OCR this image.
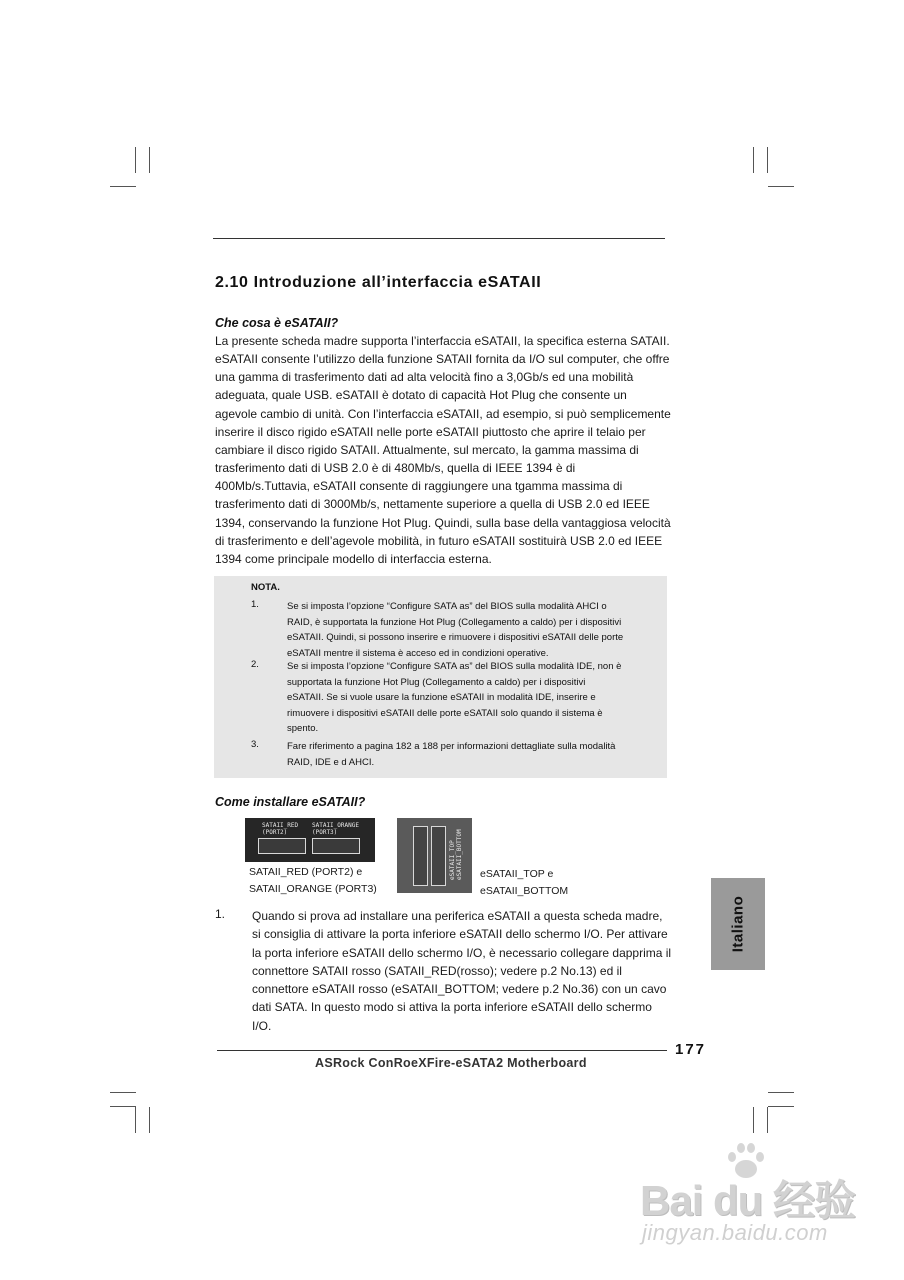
2.10 Introduzione all’interfaccia eSATAII
Che cosa è eSATAII?

La presente scheda madre supporta l’interfaccia eSATAII, la specifica esterna SATAII. eSATAII consente l’utilizzo della funzione SATAII fornita da I/O sul computer, che offre una gamma di trasferimento dati ad alta velocità fino a 3,0Gb/s ed una mobilità adeguata, quale USB. eSATAII è dotato di capacità Hot Plug che consente un agevole cambio di unità. Con l’interfaccia eSATAII, ad esempio, si può semplicemente inserire il disco rigido eSATAII nelle porte eSATAII piuttosto che aprire il telaio per cambiare il disco rigido SATAII. Attualmente, sul mercato, la gamma massima di trasferimento dati di USB 2.0 è di 480Mb/s, quella di IEEE 1394 è di 400Mb/s.Tuttavia, eSATAII consente di raggiungere una tgamma massima di trasferimento dati di 3000Mb/s, nettamente superiore a quella di USB 2.0 ed IEEE 1394, conservando la funzione Hot Plug. Quindi, sulla base della vantaggiosa velocità di trasferimento e dell’agevole mobilità, in futuro eSATAII sostituirà USB 2.0 ed IEEE 1394 come principale modello di interfaccia esterna.

NOTA.

1.	Se si imposta l’opzione “Configure SATA as” del BIOS sulla modalità AHCI o
RAID, è supportata la funzione Hot Plug (Collegamento a caldo) per i dispositivi
eSATAII. Quindi, si possono inserire e rimuovere i dispositivi eSATAII delle porte
eSATAII mentre il sistema è acceso ed in condizioni operative.

2.	Se si imposta l’opzione “Configure SATA as” del BIOS sulla modalità IDE, non è
supportata la funzione Hot Plug (Collegamento a caldo) per i dispositivi
eSATAII. Se si vuole usare la funzione eSATAII in modalità IDE, inserire e
rimuovere i dispositivi eSATAII delle porte eSATAII solo quando il sistema è
spento.

3.	Fare riferimento a pagina 182 a 188 per informazioni dettagliate sulla modalità
RAID, IDE e d AHCI.

Come installare eSATAII?
SATAII_RED
(PORT2)
SATAII_ORANGE
(PORT3)

SATAII_RED (PORT2) e
SATAII_ORANGE (PORT3)

eSATAII_TOP
eSATAII_BOTTOM eSATAII_TOP e
eSATAII_BOTTOM

1. Quando si prova ad installare una periferica eSATAII a questa scheda madre, si consiglia di attivare la porta inferiore eSATAII dello schermo I/O. Per attivare la porta inferiore eSATAII dello schermo I/O, è necessario collegare dapprima il connettore SATAII rosso (SATAII_RED(rosso); vedere p.2 No.13) ed il connettore eSATAII rosso (eSATAII_BOTTOM; vedere p.2 No.36) con un cavo dati SATA. In questo modo si attiva la porta inferiore eSATAII dello schermo I/O.

Italiano

ASRock ConRoeXFire-eSATA2 Motherboard

177

Bai du 经验
jingyan.baidu.com
